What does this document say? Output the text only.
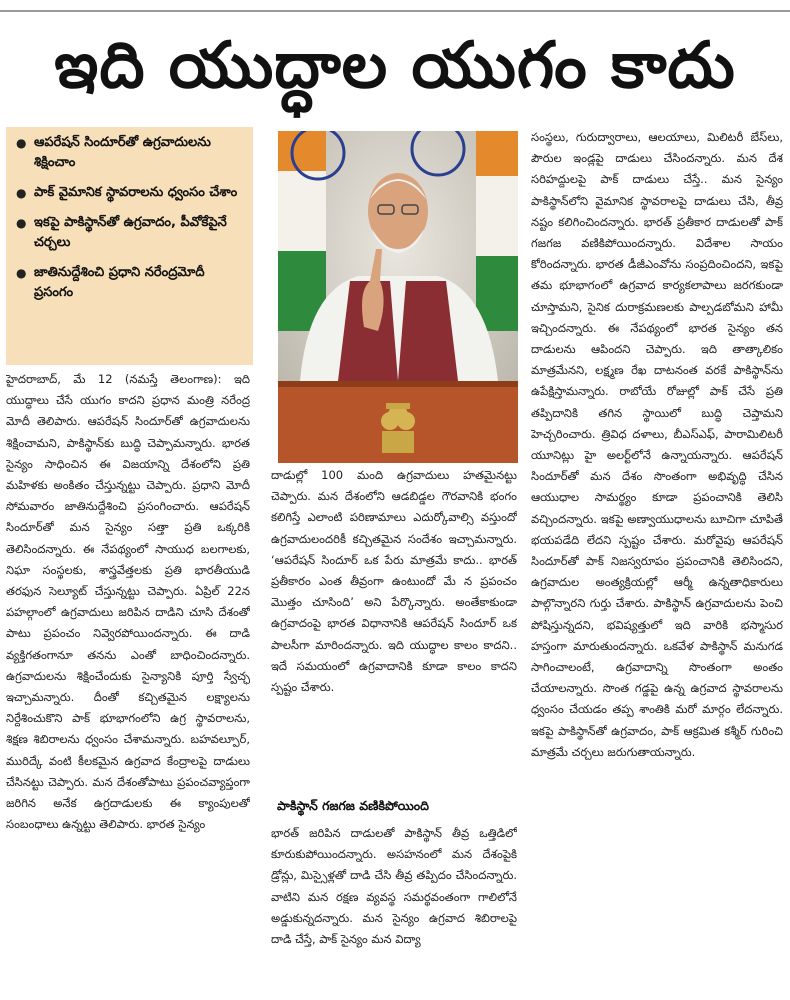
ఇది యుద్ధాల యుగం కాదు
● ఆపరేషన్ సిందూర్‌తో ఉగ్రవాదులను శిక్షించాం
● పాక్ వైమానిక స్థావరాలను ధ్వంసం చేశాం
● ఇకపై పాకిస్థాన్‌తో ఉగ్రవాదం, పీవోకేపైనే చర్చలు
● జాతినుద్దేశించి ప్రధాని నరేంద్రమోదీ ప్రసంగం

హైదరాబాద్, మే 12 (నమస్తే తెలంగాణ): ఇది యుద్ధాలు చేసే యుగం కాదని ప్రధాన మంత్రి నరేంద్ర మోదీ తెలిపారు. ఆపరేషన్ సిందూర్‌తో ఉగ్రవాదులను శిక్షించామని, పాకిస్థాన్‌కు బుద్ధి చెప్పామన్నారు. భారత సైన్యం సాధించిన ఈ విజయాన్ని దేశంలోని ప్రతి మహిళకు అంకితం చేస్తున్నట్టు చెప్పారు. ప్రధాని మోదీ సోమవారం జాతినుద్దేశించి ప్రసంగించారు. ఆపరేషన్ సిందూర్‌తో మన సైన్యం సత్తా ప్రతి ఒక్కరికి తెలిసిందన్నారు. ఈ నేపథ్యంలో సాయుధ బలగాలకు, నిఘా సంస్థలకు, శాస్త్రవేత్తలకు ప్రతి భారతీయుడి తరఫున సెల్యూట్ చేస్తున్నట్టు చెప్పారు. ఏప్రిల్ 22న పహల్గాంలో ఉగ్రవాదులు జరిపిన దాడిని చూసి దేశంతో పాటు ప్రపంచం నివ్వెరపోయిందన్నారు. ఈ దాడి వ్యక్తిగతంగానూ తనను ఎంతో బాధించిందన్నారు. ఉగ్రవాదులను శిక్షించేందుకు సైన్యానికి పూర్తి స్వేచ్ఛ ఇచ్చామన్నారు. దీంతో కచ్చితమైన లక్ష్యాలను నిర్దేశించుకొని పాక్ భూభాగంలోని ఉగ్ర స్థావరాలను, శిక్షణ శిబిరాలను ధ్వంసం చేశామన్నారు. బహవల్పూర్, మురిద్కే వంటి కీలకమైన ఉగ్రవాద కేంద్రాలపై దాడులు చేసినట్టు చెప్పారు. మన దేశంతోపాటు ప్రపంచవ్యాప్తంగా జరిగిన అనేక ఉగ్రదాడులకు ఈ క్యాంపులతో సంబంధాలు ఉన్నట్టు తెలిపారు. భారత సైన్యం

దాడుల్లో 100 మంది ఉగ్రవాదులు హతమైనట్టు చెప్పారు. మన దేశంలోని ఆడబిడ్డల గౌరవానికి భంగం కలిగిస్తే ఎలాంటి పరిణామాలు ఎదుర్కోవాల్సి వస్తుందో ఉగ్రవాదులందరికీ కచ్చితమైన సందేశం ఇచ్చామన్నారు. ‘ఆపరేషన్ సిందూర్ ఒక పేరు మాత్రమే కాదు.. భారత్ ప్రతీకారం ఎంత తీవ్రంగా ఉంటుందో మే న ప్రపంచం మొత్తం చూసింది’ అని పేర్కొన్నారు. అంతేకాకుండా ఉగ్రవాదంపై భారత విధానానికి ఆపరేషన్ సిందూర్ ఒక పాలసీగా మారిందన్నారు. ఇది యుద్ధాల కాలం కాదని.. ఇదే సమయంలో ఉగ్రవాదానికి కూడా కాలం కాదని స్పష్టం చేశారు.

పాకిస్థాన్ గజగజ వణికిపోయింది

భారత్ జరిపిన దాడులతో పాకిస్థాన్ తీవ్ర ఒత్తిడిలో కూరుకుపోయిందన్నారు. అసహనంలో మన దేశంపైకి డ్రోన్లు, మిస్సైళ్లతో దాడి చేసి తీవ్ర తప్పిదం చేసిందన్నారు. వాటిని మన రక్షణ వ్యవస్థ సమర్థవంతంగా గాలిలోనే అడ్డుకున్నదన్నారు. మన సైన్యం ఉగ్రవాద శిబిరాలపై దాడి చేస్తే, పాక్ సైన్యం మన విద్యా

సంస్థలు, గురుద్వారాలు, ఆలయాలు, మిలిటరీ బేస్‌లు, పౌరుల ఇండ్లపై దాడులు చేసిందన్నారు. మన దేశ సరిహద్దులపై పాక్ దాడులు చేస్తే.. మన సైన్యం పాకిస్థాన్‌లోని వైమానిక స్థావరాలపై దాడులు చేసి, తీవ్ర నష్టం కలిగించిందన్నారు. భారత్ ప్రతీకార దాడులతో పాక్ గజగజ వణికిపోయిందన్నారు. విదేశాల సాయం కోరిందన్నారు. భారత డీజీఎంవోను సంప్రదించిందని, ఇకపై తమ భూభాగంలో ఉగ్రవాద కార్యకలాపాలు జరగకుండా చూస్తామని, సైనిక దురాక్రమణలకు పాల్పడబోమని హామీ ఇచ్చిందన్నారు. ఈ నేపథ్యంలో భారత సైన్యం తన దాడులను ఆపిందని చెప్పారు. ఇది తాత్కాలికం మాత్రమేనని, లక్ష్మణ రేఖ దాటనంత వరకే పాకిస్థాన్‌ను ఉపేక్షిస్తామన్నారు. రాబోయే రోజుల్లో పాక్ చేసే ప్రతి తప్పిదానికి తగిన స్థాయిలో బుద్ధి చెప్తామని హెచ్చరించారు. త్రివిధ దళాలు, బీఎస్‌ఎఫ్, పారామిలిటరీ యూనిట్లు హై అలర్ట్‌లోనే ఉన్నాయన్నారు. ఆపరేషన్ సిందూర్‌తో మన దేశం సొంతంగా అభివృద్ధి చేసిన ఆయుధాల సామర్థ్యం కూడా ప్రపంచానికి తెలిసి వచ్చిందన్నారు. ఇకపై అణ్వాయుధాలను బూచిగా చూపితే భయపడేది లేదని స్పష్టం చేశారు. మరోవైపు ఆపరేషన్ సిందూర్‌తో పాక్ నిజస్వరూపం ప్రపంచానికి తెలిసిందని, ఉగ్రవాదుల అంత్యక్రియల్లో ఆర్మీ ఉన్నతాధికారులు పాల్గొన్నారని గుర్తు చేశారు. పాకిస్థాన్ ఉగ్రవాదులను పెంచి పోషిస్తున్నదని, భవిష్యత్తులో ఇది వారికి భస్మాసుర హస్తంగా మారుతుందన్నారు. ఒకవేళ పాకిస్థాన్ మనుగడ సాగించాలంటే, ఉగ్రవాదాన్ని సొంతంగా అంతం చేయాలన్నారు. సొంత గడ్డపై ఉన్న ఉగ్రవాద స్థావరాలను ధ్వంసం చేయడం తప్ప శాంతికి మరో మార్గం లేదన్నారు. ఇకపై పాకిస్థాన్‌తో ఉగ్రవాదం, పాక్ ఆక్రమిత కశ్మీర్ గురించి మాత్రమే చర్చలు జరుగుతాయన్నారు.
